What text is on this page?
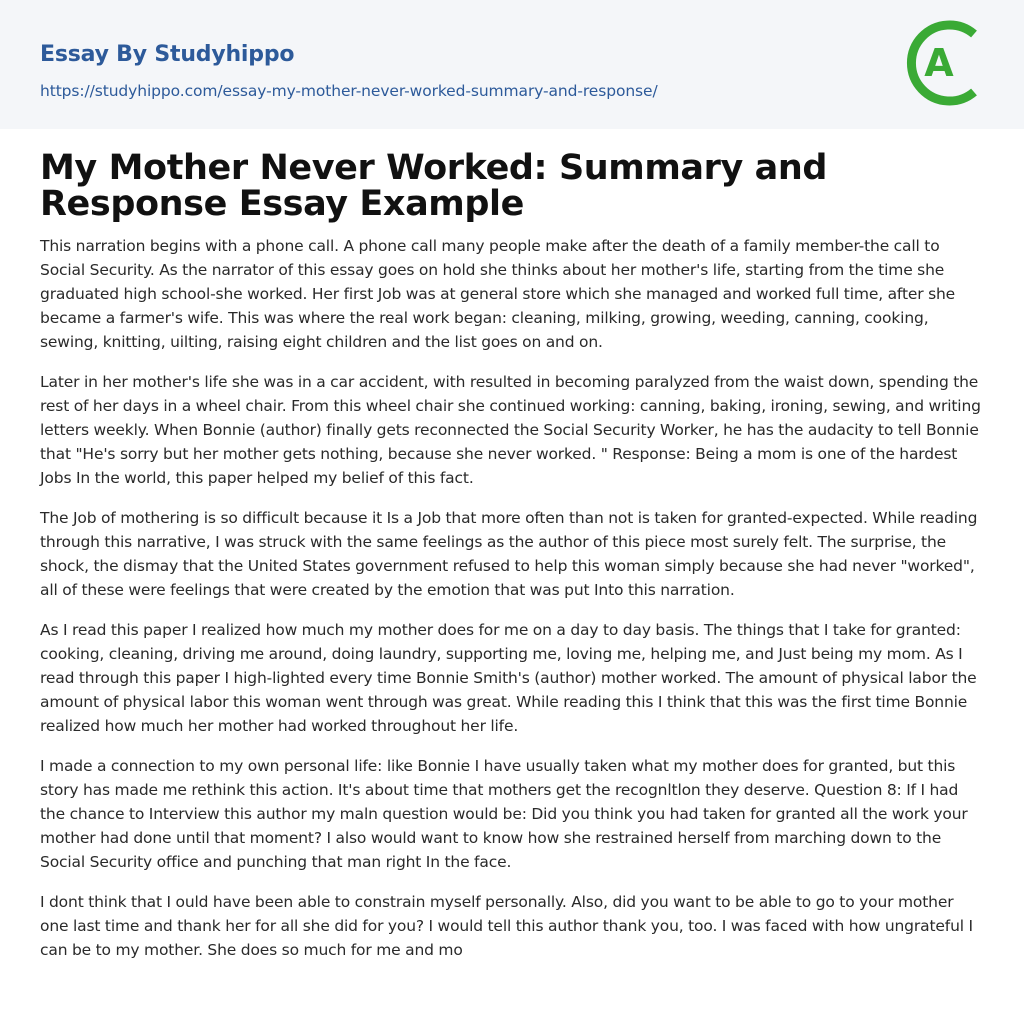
Essay By Studyhippo
https://studyhippo.com/essay-my-mother-never-worked-summary-and-response/
A
My Mother Never Worked: Summary and Response Essay Example

This narration begins with a phone call. A phone call many people make after the death of a family member-the call to Social Security. As the narrator of this essay goes on hold she thinks about her mother's life, starting from the time she graduated high school-she worked. Her first Job was at general store which she managed and worked full time, after she became a farmer's wife. This was where the real work began: cleaning, milking, growing, weeding, canning, cooking, sewing, knitting, uilting, raising eight children and the list goes on and on.

Later in her mother's life she was in a car accident, with resulted in becoming paralyzed from the waist down, spending the rest of her days in a wheel chair. From this wheel chair she continued working: canning, baking, ironing, sewing, and writing letters weekly. When Bonnie (author) finally gets reconnected the Social Security Worker, he has the audacity to tell Bonnie that "He's sorry but her mother gets nothing, because she never worked. " Response: Being a mom is one of the hardest Jobs In the world, this paper helped my belief of this fact.

The Job of mothering is so difficult because it Is a Job that more often than not is taken for granted-expected. While reading through this narrative, I was struck with the same feelings as the author of this piece most surely felt. The surprise, the shock, the dismay that the United States government refused to help this woman simply because she had never "worked", all of these were feelings that were created by the emotion that was put Into this narration.

As I read this paper I realized how much my mother does for me on a day to day basis. The things that I take for granted: cooking, cleaning, driving me around, doing laundry, supporting me, loving me, helping me, and Just being my mom. As I read through this paper I high-lighted every time Bonnie Smith's (author) mother worked. The amount of physical labor the amount of physical labor this woman went through was great. While reading this I think that this was the first time Bonnie realized how much her mother had worked throughout her life.

I made a connection to my own personal life: like Bonnie I have usually taken what my mother does for granted, but this story has made me rethink this action. It's about time that mothers get the recognltlon they deserve. Question 8: If I had the chance to Interview this author my maln question would be: Did you think you had taken for granted all the work your mother had done until that moment? I also would want to know how she restrained herself from marching down to the Social Security office and punching that man right In the face.

I dont think that I ould have been able to constrain myself personally. Also, did you want to be able to go to your mother one last time and thank her for all she did for you? I would tell this author thank you, too. I was faced with how ungrateful I can be to my mother. She does so much for me and mo
